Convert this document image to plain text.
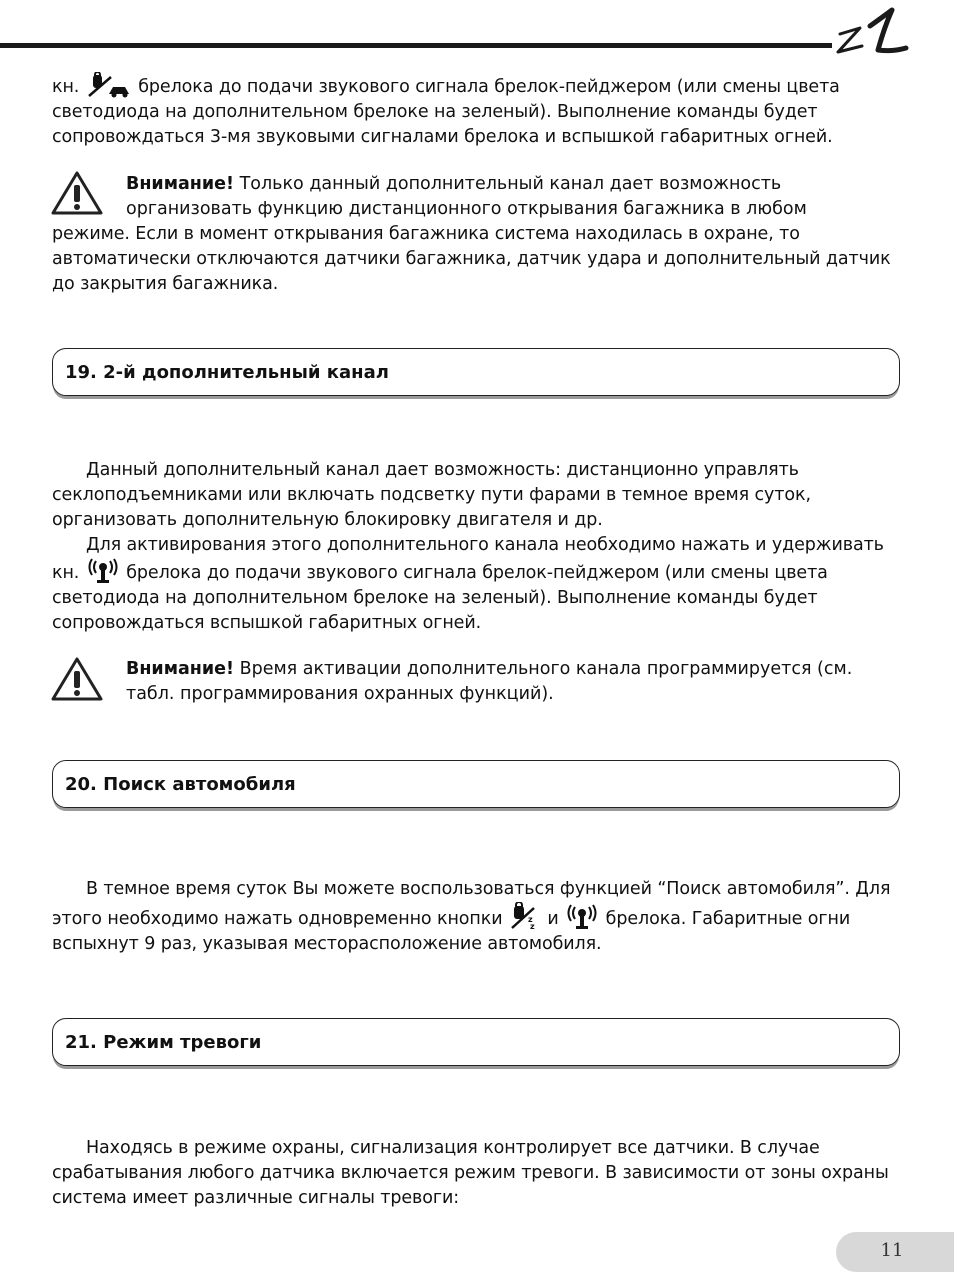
кн.	брелока до подачи звукового сигнала брелок-пейджером (или смены цвета светодиода на дополнительном брелоке на зеленый). Выполнение команды будет сопровождаться 3-мя звуковыми сигналами брелока и вспышкой габаритных огней.

Внимание! Только данный дополнительный канал дает возможность организовать функцию дистанционного открывания багажника в любом

режиме. Если в момент открывания багажника система находилась в охране, то автоматически отключаются датчики багажника, датчик удара и дополнительный датчик до закрытия багажника.

19. 2-й дополнительный канал

Данный дополнительный канал дает возможность: дистанционно управлять секлоподъемниками или включать подсветку пути фарами в темное время суток, организовать дополнительную блокировку двигателя и др.

Для активирования этого дополнительного канала необходимо нажать и удерживать кн.	брелока до подачи звукового сигнала брелок-пейджером (или смены цвета светодиода на дополнительном брелоке на зеленый). Выполнение команды будет сопровождаться вспышкой габаритных огней.

Внимание! Время активации дополнительного канала программируется (см. табл. программирования охранных функций).
20. Поиск автомобиля

В темное время суток Вы можете воспользоваться функцией “Поиск автомобиля”. Для этого необходимо нажать одновременно кнопки	z
z и	брелока. Габаритные огни вспыхнут 9 раз, указывая месторасположение автомобиля.

21. Режим тревоги

Находясь в режиме охраны, сигнализация контролирует все датчики. В случае срабатывания любого датчика включается режим тревоги. В зависимости от зоны охраны система имеет различные сигналы тревоги:

11
